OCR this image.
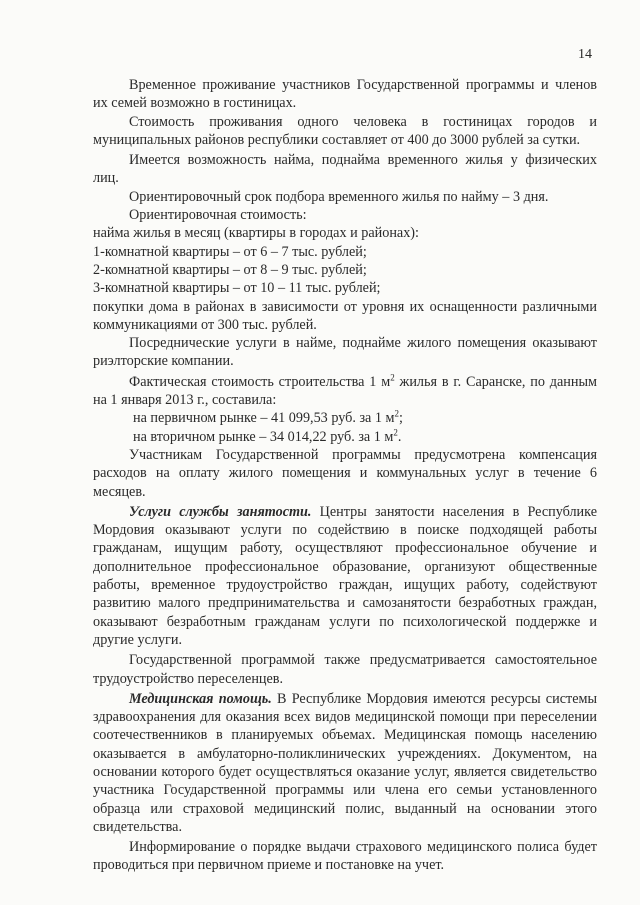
14

Временное проживание участников Государственной программы и членов их семей возможно в гостиницах.

Стоимость проживания одного человека в гостиницах городов и муниципальных районов республики составляет от 400 до 3000 рублей за сутки.

Имеется возможность найма, поднайма временного жилья у физических лиц.

Ориентировочный срок подбора временного жилья по найму – 3 дня.

Ориентировочная стоимость:

найма жилья в месяц (квартиры в городах и районах):

1-комнатной квартиры – от 6 – 7 тыс. рублей;

2-комнатной квартиры – от 8 – 9 тыс. рублей;

3-комнатной квартиры – от 10 – 11 тыс. рублей;

покупки дома в районах в зависимости от уровня их оснащенности различными коммуникациями от 300 тыс. рублей.

Посреднические услуги в найме, поднайме жилого помещения оказывают риэлторские компании.

Фактическая стоимость строительства 1 $м^2$ жилья в г. Саранске, по данным на 1 января 2013 г., составила:

на первичном рынке – 41 099,53 руб. за 1 $м^2$;

на вторичном рынке – 34 014,22 руб. за 1 $м^2$.

Участникам Государственной программы предусмотрена компенсация расходов на оплату жилого помещения и коммунальных услуг в течение 6 месяцев.

Услуги службы занятости. Центры занятости населения в Республике Мордовия оказывают услуги по содействию в поиске подходящей работы гражданам, ищущим работу, осуществляют профессиональное обучение и дополнительное профессиональное образование, организуют общественные работы, временное трудоустройство граждан, ищущих работу, содействуют развитию малого предпринимательства и самозанятости безработных граждан, оказывают безработным гражданам услуги по психологической поддержке и другие услуги.

Государственной программой также предусматривается самостоятельное трудоустройство переселенцев.

Медицинская помощь. В Республике Мордовия имеются ресурсы системы здравоохранения для оказания всех видов медицинской помощи при переселении соотечественников в планируемых объемах. Медицинская помощь населению оказывается в амбулаторно-поликлинических учреждениях. Документом, на основании которого будет осуществляться оказание услуг, является свидетельство участника Государственной программы или члена его семьи установленного образца или страховой медицинский полис, выданный на основании этого свидетельства.

Информирование о порядке выдачи страхового медицинского полиса будет проводиться при первичном приеме и постановке на учет.
